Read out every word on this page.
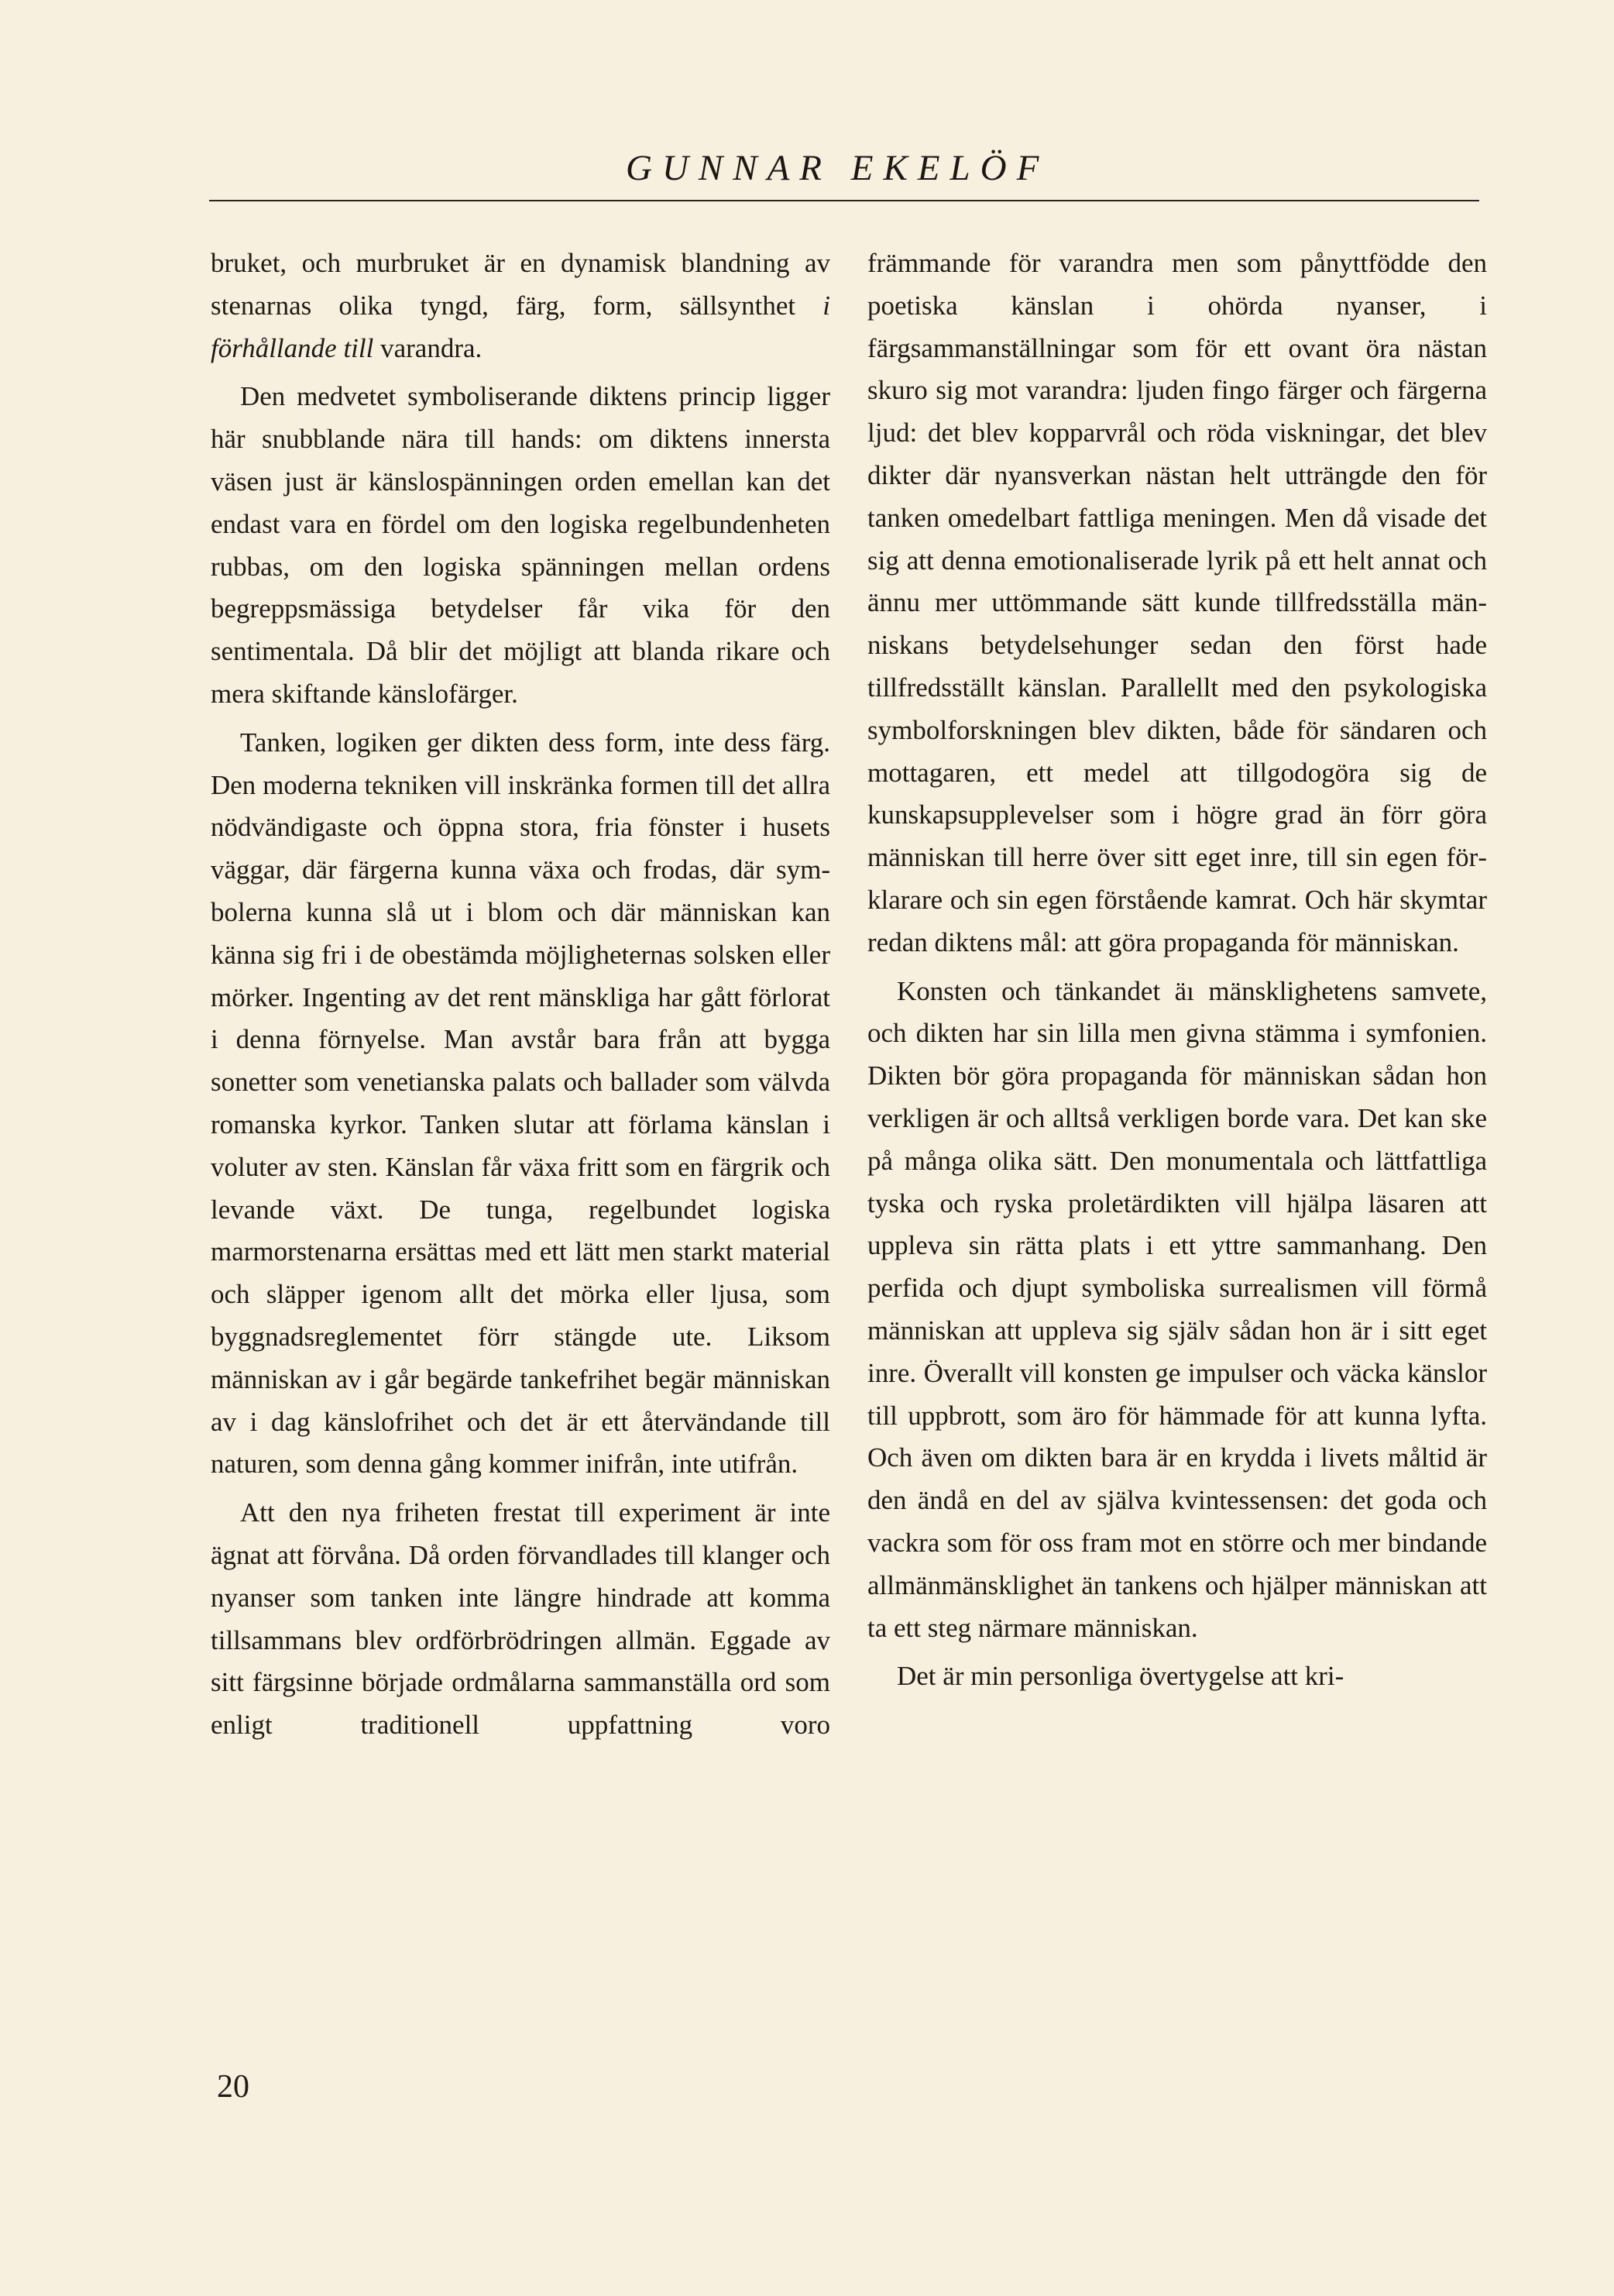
GUNNAR EKELÖF

bruket, och murbruket är en dynamisk blandning av stenarnas olika tyngd, färg, form, sällsynthet i förhållande till varandra.

Den medvetet symboliserande diktens princip ligger här snubblande nära till hands: om diktens innersta väsen just är känslospänningen orden emellan kan det endast vara en fördel om den logiska regelbundenheten rubbas, om den logiska spänningen mellan ordens begreppsmässiga betydelser får vika för den sentimentala. Då blir det möjligt att blanda rikare och mera skiftande känslofärger.

Tanken, logiken ger dikten dess form, inte dess färg. Den moderna tekniken vill inskränka formen till det allra nödvändigaste och öppna stora, fria fönster i husets väggar, där färgerna kunna växa och frodas, där symbolerna kunna slå ut i blom och där människan kan känna sig fri i de obestämda möjligheternas solsken eller mörker. Ingenting av det rent mänskliga har gått förlorat i denna förnyelse. Man avstår bara från att bygga sonetter som venetianska palats och ballader som välvda romanska kyrkor. Tanken slutar att förlama känslan i voluter av sten. Känslan får växa fritt som en färgrik och levande växt. De tunga, regelbundet logiska marmorstenarna ersättas med ett lätt men starkt material och släpper igenom allt det mörka eller ljusa, som byggnadsreglementet förr stängde ute. Liksom människan av i går begärde tankefrihet begär människan av i dag känslofrihet och det är ett återvändande till naturen, som denna gång kommer inifrån, inte utifrån.

Att den nya friheten frestat till experiment är inte ägnat att förvåna. Då orden förvandlades till klanger och nyanser som tanken inte längre hindrade att komma tillsammans blev ordförbrödringen allmän. Eggade av sitt färgsinne började ordmålarna sammanställa ord som enligt traditionell uppfattning voro

främmande för varandra men som pånyttfödde den poetiska känslan i ohörda nyanser, i färgsammanställningar som för ett ovant öra nästan skuro sig mot varandra: ljuden fingo färger och färgerna ljud: det blev kopparvrål och röda viskningar, det blev dikter där nyansverkan nästan helt utträngde den för tanken omedelbart fattliga meningen. Men då visade det sig att denna emotionaliserade lyrik på ett helt annat och ännu mer uttömmande sätt kunde tillfredsställa människans betydelsehunger sedan den först hade tillfredsställt känslan. Parallellt med den psykologiska symbolforskningen blev dikten, både för sändaren och mottagaren, ett medel att tillgodogöra sig de kunskapsupplevelser som i högre grad än förr göra människan till herre över sitt eget inre, till sin egen förklarare och sin egen förstående kamrat. Och här skymtar redan diktens mål: att göra propaganda för människan.

Konsten och tänkandet äı mänsklighetens samvete, och dikten har sin lilla men givna stämma i symfonien. Dikten bör göra propaganda för människan sådan hon verkligen är och alltså verkligen borde vara. Det kan ske på många olika sätt. Den monumentala och lättfattliga tyska och ryska proletärdikten vill hjälpa läsaren att uppleva sin rätta plats i ett yttre sammanhang. Den perfida och djupt symboliska surrealismen vill förmå människan att uppleva sig själv sådan hon är i sitt eget inre. Överallt vill konsten ge impulser och väcka känslor till uppbrott, som äro för hämmade för att kunna lyfta. Och även om dikten bara är en krydda i livets måltid är den ändå en del av själva kvintessensen: det goda och vackra som för oss fram mot en större och mer bindande allmänmänsklighet än tankens och hjälper människan att ta ett steg närmare människan.

Det är min personliga övertygelse att kri-

20
